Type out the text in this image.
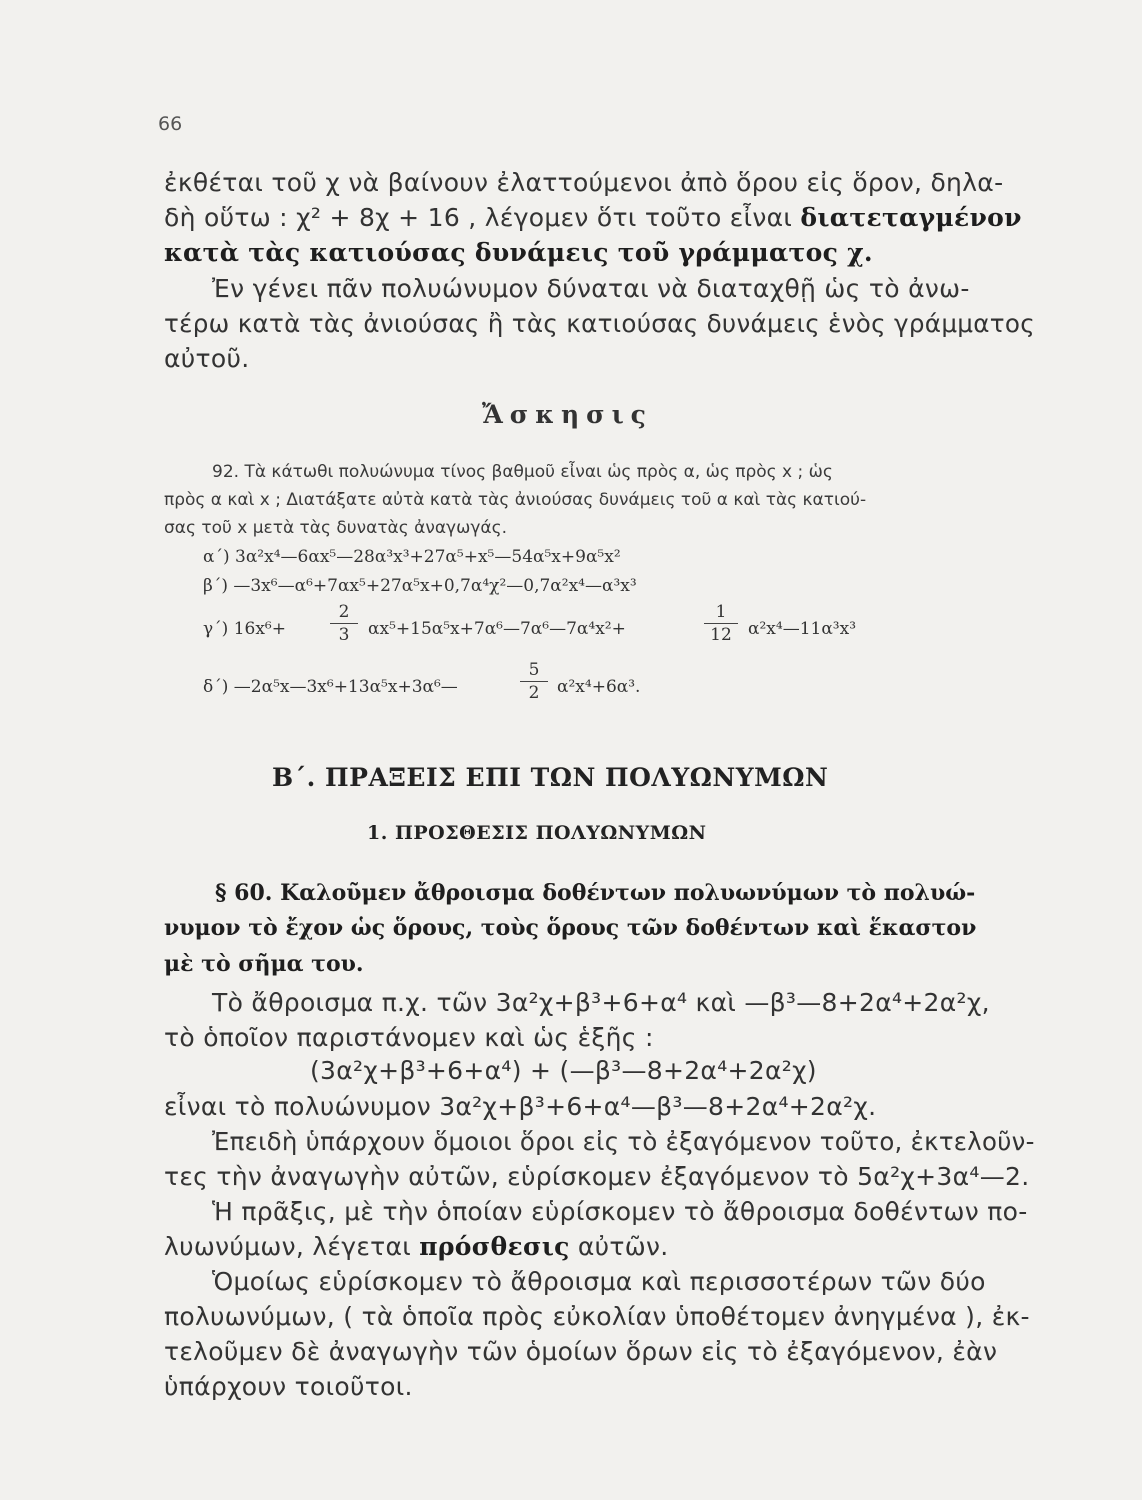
66
ἐκθέται τοῦ χ νὰ βαίνουν ἐλαττούμενοι ἀπὸ ὅρου εἰς ὅρον, δηλα-
δὴ οὕτω : χ² + 8χ + 16 , λέγομεν ὅτι τοῦτο εἶναι διατεταγμένον
κατὰ τὰς κατιούσας δυνάμεις τοῦ γράμματος χ.
Ἐν γένει πᾶν πολυώνυμον δύναται νὰ διαταχθῇ ὡς τὸ ἀνω-
τέρω κατὰ τὰς ἀνιούσας ἢ τὰς κατιούσας δυνάμεις ἑνὸς γράμματος
αὐτοῦ.
Ἄσκησις
92. Τὰ κάτωθι πολυώνυμα τίνος βαθμοῦ εἶναι ὡς πρὸς α, ὡς πρὸς x ; ὡς
πρὸς α καὶ x ; Διατάξατε αὐτὰ κατὰ τὰς ἀνιούσας δυνάμεις τοῦ α καὶ τὰς κατιού-
σας τοῦ x μετὰ τὰς δυνατὰς ἀναγωγάς.
α΄) 3α²x⁴—6αx⁵—28α³x³+27α⁵+x⁵—54α⁵x+9α⁵x²
β΄) —3x⁶—α⁶+7αx⁵+27α⁵x+0,7α⁴χ²—0,7α²x⁴—α³x³
γ΄) 16x⁶+
2
3	αx⁵+15α⁵x+7α⁶—7α⁶—7α⁴x²+
1
12 α²x⁴—11α³x³
δ΄) —2α⁵x—3x⁶+13α⁵x+3α⁶—
5
2	α²x⁴+6α³.
Β΄. ΠΡΑΞΕΙΣ ΕΠΙ ΤΩΝ ΠΟΛΥΩΝΥΜΩΝ
1. ΠΡΟΣΘΕΣΙΣ ΠΟΛΥΩΝΥΜΩΝ
§ 60. Καλοῦμεν ἄθροισμα δοθέντων πολυωνύμων τὸ πολυώ-
νυμον τὸ ἔχον ὡς ὅρους, τοὺς ὅρους τῶν δοθέντων καὶ ἕκαστον
μὲ τὸ σῆμα του.
Τὸ ἄθροισμα π.χ. τῶν 3α²χ+β³+6+α⁴ καὶ —β³—8+2α⁴+2α²χ,
τὸ ὁποῖον παριστάνομεν καὶ ὡς ἑξῆς :
(3α²χ+β³+6+α⁴) + (—β³—8+2α⁴+2α²χ)
εἶναι τὸ πολυώνυμον 3α²χ+β³+6+α⁴—β³—8+2α⁴+2α²χ.
Ἐπειδὴ ὑπάρχουν ὅμοιοι ὅροι εἰς τὸ ἐξαγόμενον τοῦτο, ἐκτελοῦν-
τες τὴν ἀναγωγὴν αὐτῶν, εὑρίσκομεν ἐξαγόμενον τὸ 5α²χ+3α⁴—2.
Ἡ πρᾶξις, μὲ τὴν ὁποίαν εὑρίσκομεν τὸ ἄθροισμα δοθέντων πο-
λυωνύμων, λέγεται πρόσθεσις αὐτῶν.
Ὁμοίως εὑρίσκομεν τὸ ἄθροισμα καὶ περισσοτέρων τῶν δύο
πολυωνύμων, ( τὰ ὁποῖα πρὸς εὐκολίαν ὑποθέτομεν ἀνηγμένα ), ἐκ-
τελοῦμεν δὲ ἀναγωγὴν τῶν ὁμοίων ὅρων εἰς τὸ ἐξαγόμενον, ἐὰν
ὑπάρχουν τοιοῦτοι.
